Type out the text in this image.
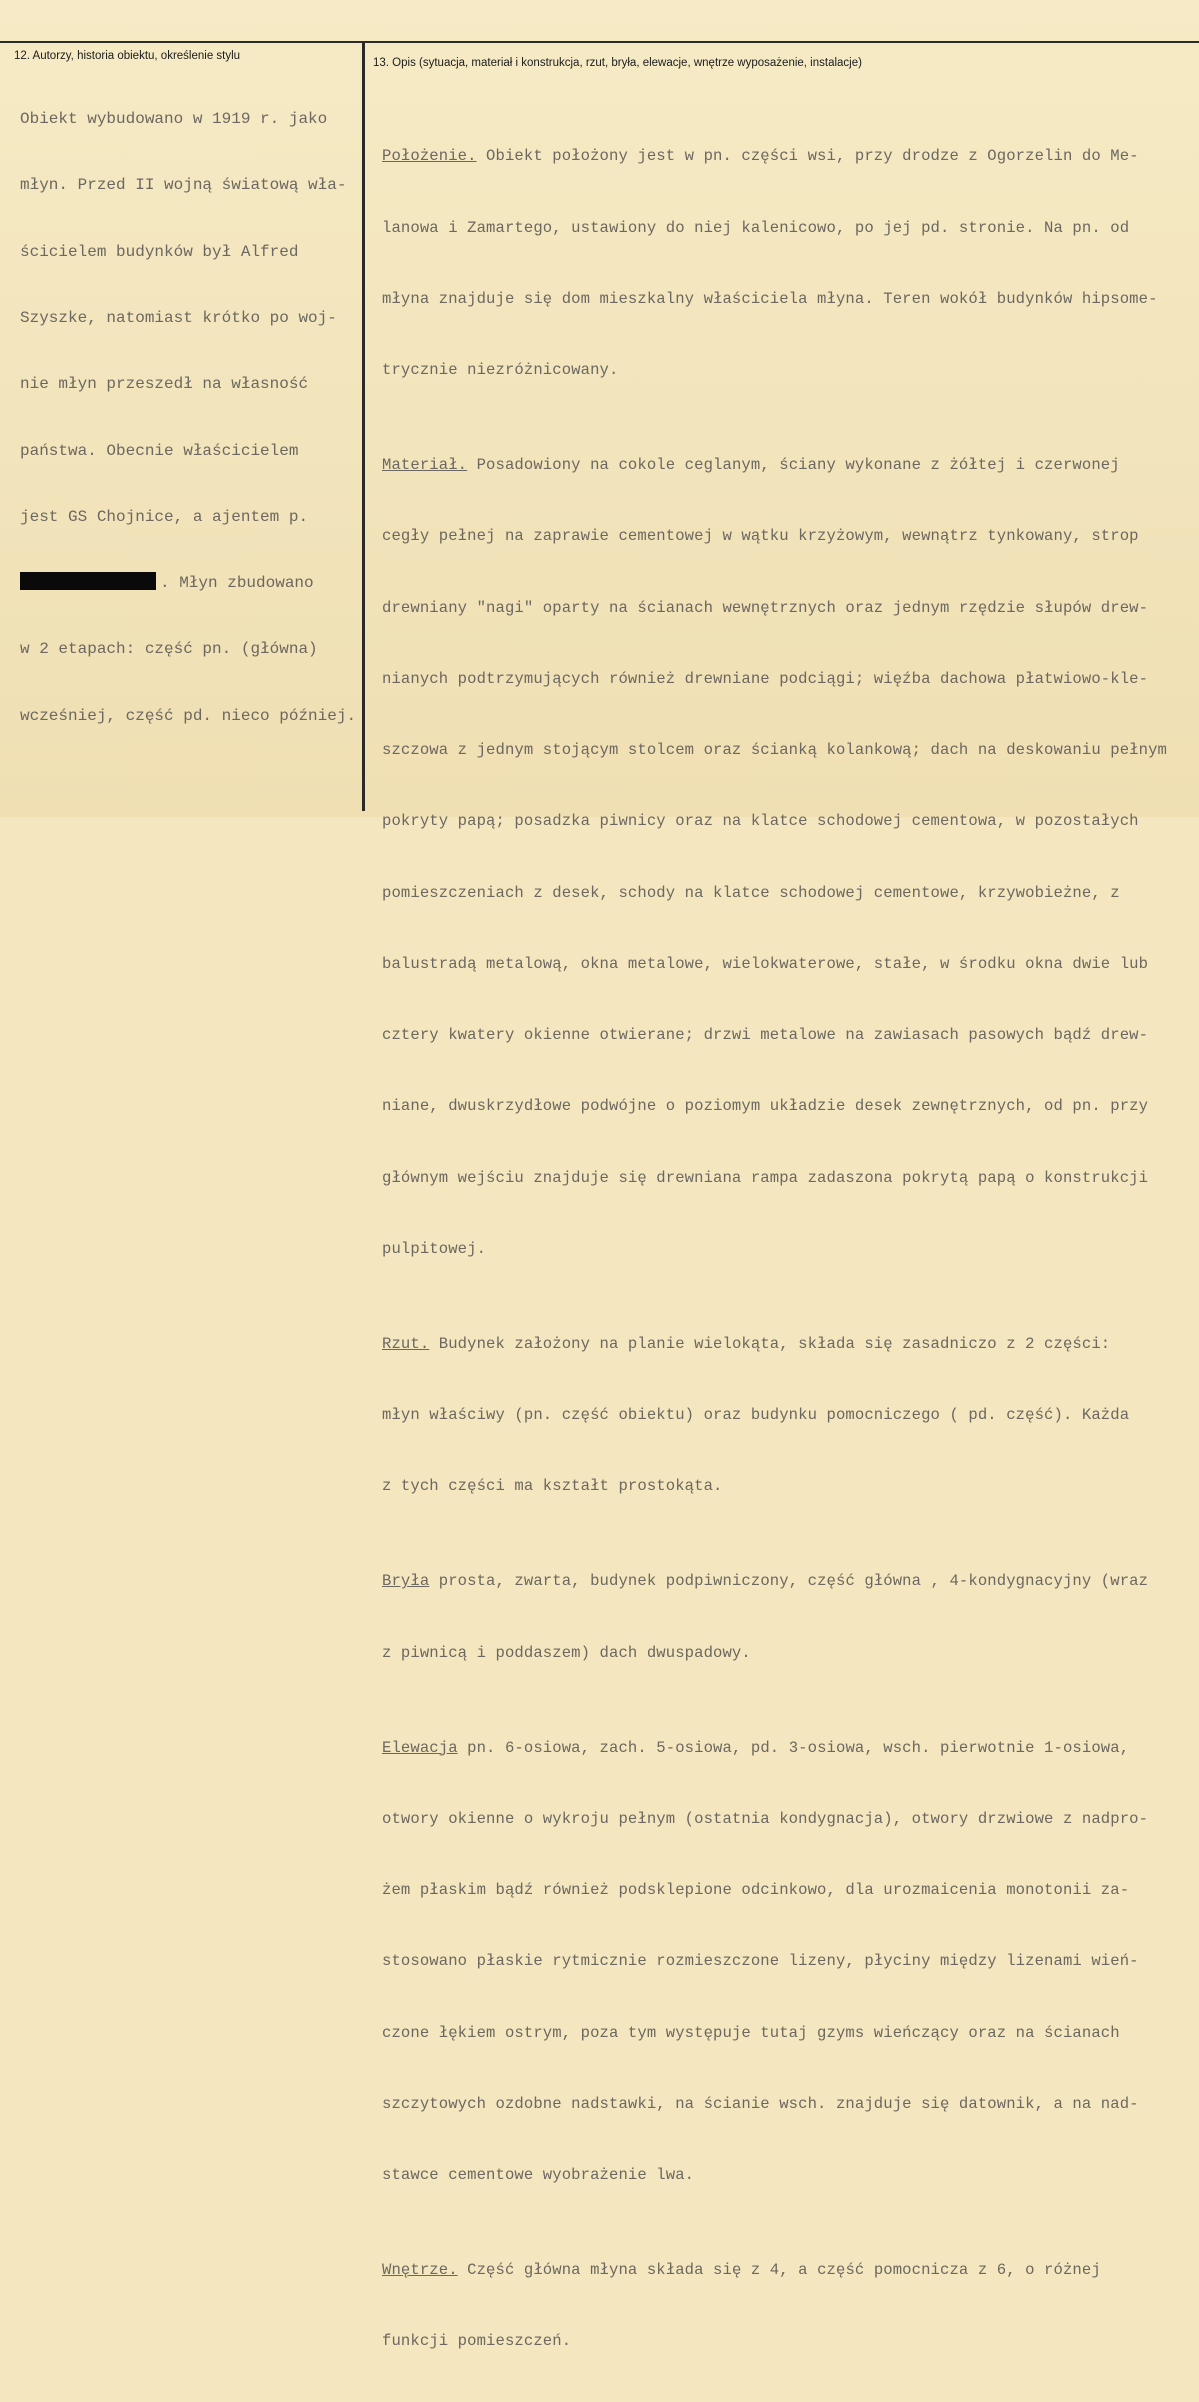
12. Autorzy, historia obiektu, określenie stylu
13. Opis (sytuacja, materiał i konstrukcja, rzut, bryła, elewacje, wnętrze wyposażenie, instalacje)

Obiekt wybudowano w 1919 r. jako

młyn. Przed II wojną światową wła-

ścicielem budynków był Alfred

Szyszke, natomiast krótko po woj-

nie młyn przeszedł na własność

państwa. Obecnie właścicielem

jest GS Chojnice, a ajentem p.

. Młyn zbudowano

w 2 etapach: część pn. (główna)

wcześniej, część pd. nieco później.

Położenie. Obiekt położony jest w pn. części wsi, przy drodze z Ogorzelin do Me-

lanowa i Zamartego, ustawiony do niej kalenicowo, po jej pd. stronie. Na pn. od

młyna znajduje się dom mieszkalny właściciela młyna. Teren wokół budynków hipsome-

trycznie niezróżnicowany.

Materiał. Posadowiony na cokole ceglanym, ściany wykonane z żółtej i czerwonej

cegły pełnej na zaprawie cementowej w wątku krzyżowym, wewnątrz tynkowany, strop

drewniany "nagi" oparty na ścianach wewnętrznych oraz jednym rzędzie słupów drew-

nianych podtrzymujących również drewniane podciągi; więźba dachowa płatwiowo-kle-

szczowa z jednym stojącym stolcem oraz ścianką kolankową; dach na deskowaniu pełnym

pokryty papą; posadzka piwnicy oraz na klatce schodowej cementowa, w pozostałych

pomieszczeniach z desek, schody na klatce schodowej cementowe, krzywobieżne, z

balustradą metalową, okna metalowe, wielokwaterowe, stałe, w środku okna dwie lub

cztery kwatery okienne otwierane; drzwi metalowe na zawiasach pasowych bądź drew-

niane, dwuskrzydłowe podwójne o poziomym układzie desek zewnętrznych, od pn. przy

głównym wejściu znajduje się drewniana rampa zadaszona pokrytą papą o konstrukcji

pulpitowej.

Rzut. Budynek założony na planie wieloką​ta, składa się zasadniczo z 2 części:

młyn właściwy (pn. część obiektu) oraz budynku pomocniczego ( pd. część). Każda

z tych części ma kształt prostokąta.

Bryła prosta, zwarta, budynek podpiwniczony, część główna , 4-kondygnacyjny (wraz

z piwnicą i poddaszem) dach dwuspadowy.

Elewacja pn. 6-osiowa, zach. 5-osiowa, pd. 3-osiowa, wsch. pierwotnie 1-osiowa,

otwory okienne o wykroju pełnym (ostatnia kondygnacja), otwory drzwiowe z nadpro-

żem płaskim bądź również podsklepione odcinkowo, dla urozmaicenia monotonii za-

stosowano płaskie rytmicznie rozmieszczone lizeny, płyciny między lizenami wień-

czone łękiem ostrym, poza tym występuje tutaj gzyms wieńczący oraz na ścianach

szczytowych ozdobne nadstawki, na ścianie wsch. znajduje się datownik, a na nad-

stawce cementowe wyobrażenie lwa.

Wnętrze. Część główna młyna składa się z 4, a część pomocnicza z 6, o różnej

funkcji pomieszczeń.
